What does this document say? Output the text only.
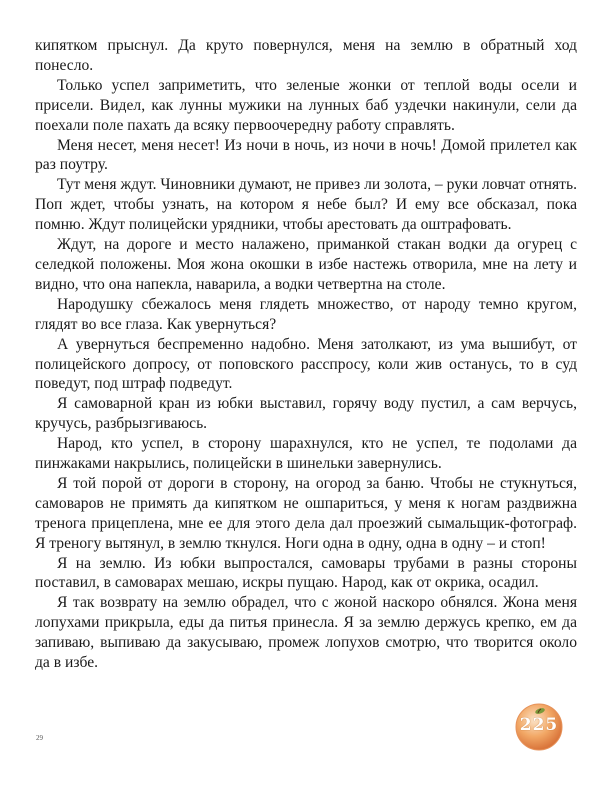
кипятком прыснул. Да круто повернулся, меня на землю в обратный ход понесло.

Только успел заприметить, что зеленые жонки от теплой воды осели и присели. Видел, как лунны мужики на лунных баб уздечки накинули, сели да поехали поле пахать да всяку первоочередну работу справлять.

Меня несет, меня несет! Из ночи в ночь, из ночи в ночь! Домой прилетел как раз поутру.

Тут меня ждут. Чиновники думают, не привез ли золота, – руки ловчат отнять. Поп ждет, чтобы узнать, на котором я небе был? И ему все обсказал, пока помню. Ждут полицейски урядники, чтобы арестовать да оштрафовать.

Ждут, на дороге и место налажено, приманкой стакан водки да огурец с селедкой положены. Моя жона окошки в избе настежь отворила, мне на лету и видно, что она напекла, наварила, а водки четвертна на столе.

Народушку сбежалось меня глядеть множество, от народу темно кругом, глядят во все глаза. Как увернуться?

А увернуться беспременно надобно. Меня затолкают, из ума вышибут, от полицейского допросу, от поповского расспросу, коли жив останусь, то в суд поведут, под штраф подведут.

Я самоварной кран из юбки выставил, горячу воду пустил, а сам верчусь, кручусь, разбрызгиваюсь.

Народ, кто успел, в сторону шарахнулся, кто не успел, те подолами да пинжаками накрылись, полицейски в шинельки завернулись.

Я той порой от дороги в сторону, на огород за баню. Чтобы не стукнуться, самоваров не примять да кипятком не ошпариться, у меня к ногам раздвижна тренога прицеплена, мне ее для этого дела дал проезжий сымальщик-фотограф. Я треногу вытянул, в землю ткнулся. Ноги одна в одну, одна в одну – и стоп!

Я на землю. Из юбки выпростался, самовары трубами в разны стороны поставил, в самоварах мешаю, искры пущаю. Народ, как от окрика, осадил.

Я так возврату на землю обрадел, что с жоной наскоро обнялся. Жона меня лопухами прикрыла, еды да питья принесла. Я за землю держусь крепко, ем да запиваю, выпиваю да закусываю, промеж лопухов смотрю, что творится около да в избе.

29
225
